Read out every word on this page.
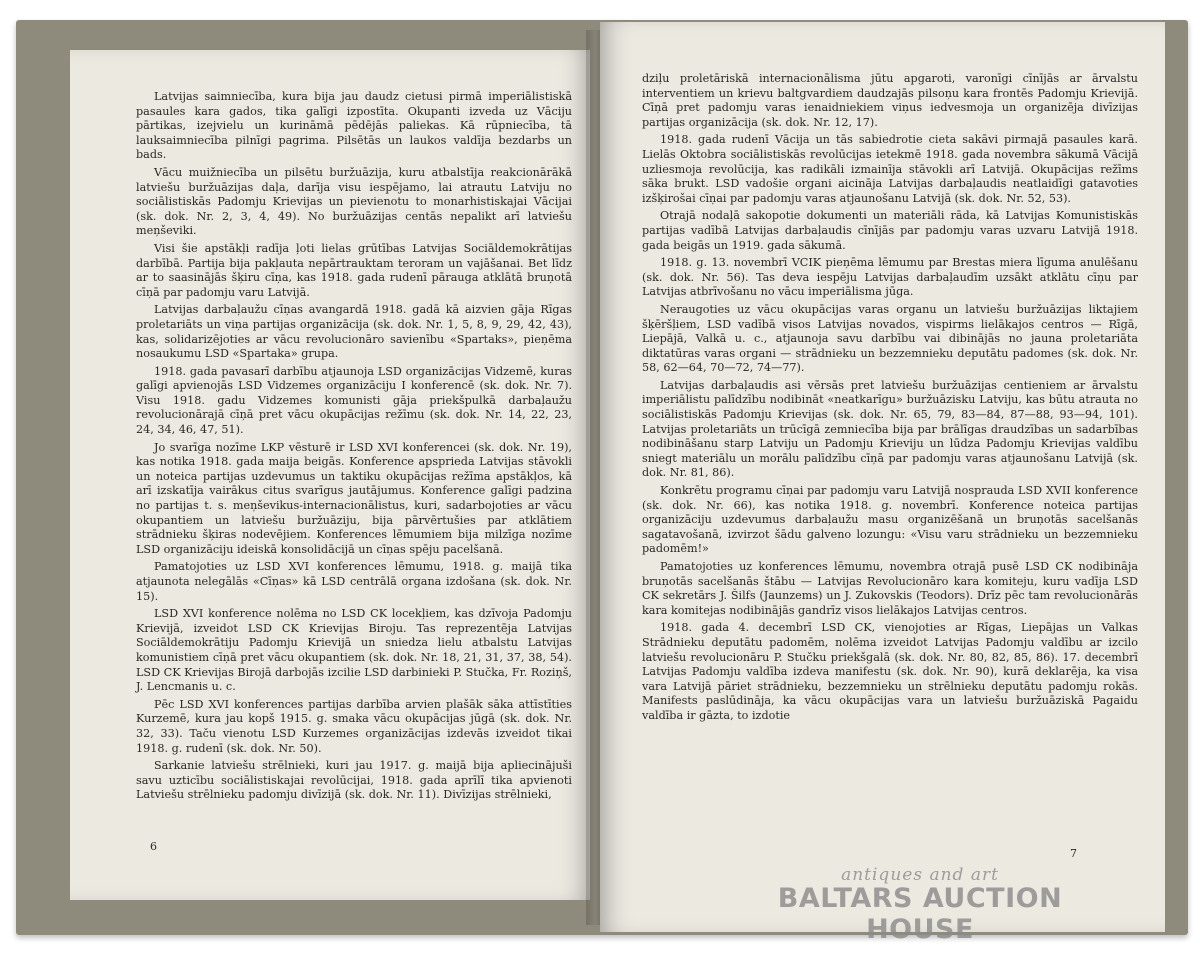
Latvijas saimniecība, kura bija jau daudz cietusi pirmā imperiālistiskā pasaules kara gados, tika galīgi izpostīta. Okupanti izveda uz Vāciju pārtikas, izejvielu un kurināmā pēdējās paliekas. Kā rūpniecība, tā lauksaimniecība pilnīgi pagrima. Pilsētās un laukos valdīja bezdarbs un bads.

Vācu muižniecība un pilsētu buržuāzija, kuru atbalstīja reakcionārākā latviešu buržuāzijas daļa, darīja visu iespējamo, lai atrautu Latviju no sociālistiskās Padomju Krievijas un pievienotu to monarhistiskajai Vācijai (sk. dok. Nr. 2, 3, 4, 49). No buržuāzijas centās nepalikt arī latviešu meņševiki.

Visi šie apstākļi radīja ļoti lielas grūtības Latvijas Sociāldemokrātijas darbībā. Partija bija pakļauta nepārtrauktam teroram un vajāšanai. Bet līdz ar to saasinājās šķiru cīņa, kas 1918. gada rudenī pārauga atklātā bruņotā cīņā par padomju varu Latvijā.

Latvijas darbaļaužu cīņas avangardā 1918. gadā kā aizvien gāja Rīgas proletariāts un viņa partijas organizācija (sk. dok. Nr. 1, 5, 8, 9, 29, 42, 43), kas, solidarizējoties ar vācu revolucionāro savienību «Spartaks», pieņēma nosaukumu LSD «Spartaka» grupa.

1918. gada pavasarī darbību atjaunoja LSD organizācijas Vidzemē, kuras galīgi apvienojās LSD Vidzemes organizāciju I konferencē (sk. dok. Nr. 7). Visu 1918. gadu Vidzemes komunisti gāja priekšpulkā darbaļaužu revolucionārajā cīņā pret vācu okupācijas režīmu (sk. dok. Nr. 14, 22, 23, 24, 34, 46, 47, 51).

Jo svarīga nozīme LKP vēsturē ir LSD XVI konferencei (sk. dok. Nr. 19), kas notika 1918. gada maija beigās. Konference apsprieda Latvijas stāvokli un noteica partijas uzdevumus un taktiku okupācijas režīma apstākļos, kā arī izskatīja vairākus citus svarīgus jautājumus. Konference galīgi padzina no partijas t. s. meņševikus-internacionālistus, kuri, sadarbojoties ar vācu okupantiem un latviešu buržuāziju, bija pārvērtušies par atklātiem strādnieku šķiras nodevējiem. Konferences lēmumiem bija milzīga nozīme LSD organizāciju ideiskā konsolidācijā un cīņas spēju pacelšanā.

Pamatojoties uz LSD XVI konferences lēmumu, 1918. g. maijā tika atjaunota nelegālās «Cīņas» kā LSD centrālā organa izdošana (sk. dok. Nr. 15).

LSD XVI konference nolēma no LSD CK locekļiem, kas dzīvoja Padomju Krievijā, izveidot LSD CK Krievijas Biroju. Tas reprezentēja Latvijas Sociāldemokrātiju Padomju Krievijā un sniedza lielu atbalstu Latvijas komunistiem cīņā pret vācu okupantiem (sk. dok. Nr. 18, 21, 31, 37, 38, 54). LSD CK Krievijas Birojā darbojās izcilie LSD darbinieki P. Stučka, Fr. Roziņš, J. Lencmanis u. c.

Pēc LSD XVI konferences partijas darbība arvien plašāk sāka attīstīties Kurzemē, kura jau kopš 1915. g. smaka vācu okupācijas jūgā (sk. dok. Nr. 32, 33). Taču vienotu LSD Kurzemes organizācijas izdevās izveidot tikai 1918. g. rudenī (sk. dok. Nr. 50).

Sarkanie latviešu strēlnieki, kuri jau 1917. g. maijā bija apliecinājuši savu uzticību sociālistiskajai revolūcijai, 1918. gada aprīlī tika apvienoti Latviešu strēlnieku padomju divīzijā (sk. dok. Nr. 11). Divīzijas strēlnieki,

6

dziļu proletāriskā internacionālisma jūtu apgaroti, varonīgi cīnījās ar ārvalstu interventiem un krievu baltgvardiem daudzajās pilsoņu kara frontēs Padomju Krievijā. Cīņā pret padomju varas ienaidniekiem viņus iedvesmoja un organizēja divīzijas partijas organizācija (sk. dok. Nr. 12, 17).

1918. gada rudenī Vācija un tās sabiedrotie cieta sakāvi pirmajā pasaules karā. Lielās Oktobra sociālistiskās revolūcijas ietekmē 1918. gada novembra sākumā Vācijā uzliesmoja revolūcija, kas radikāli izmainīja stāvokli arī Latvijā. Okupācijas režīms sāka brukt. LSD vadošie organi aicināja Latvijas darbaļaudis neatlaidīgi gatavoties izšķirošai cīņai par padomju varas atjaunošanu Latvijā (sk. dok. Nr. 52, 53).

Otrajā nodaļā sakopotie dokumenti un materiāli rāda, kā Latvijas Komunistiskās partijas vadībā Latvijas darbaļaudis cīnījās par padomju varas uzvaru Latvijā 1918. gada beigās un 1919. gada sākumā.

1918. g. 13. novembrī VCIK pieņēma lēmumu par Brestas miera līguma anulēšanu (sk. dok. Nr. 56). Tas deva iespēju Latvijas darbaļaudīm uzsākt atklātu cīņu par Latvijas atbrīvošanu no vācu imperiālisma jūga.

Neraugoties uz vācu okupācijas varas organu un latviešu buržuāzijas liktajiem šķēršļiem, LSD vadībā visos Latvijas novados, vispirms lielākajos centros — Rīgā, Liepājā, Valkā u. c., atjaunoja savu darbību vai dibinājās no jauna proletariāta diktatūras varas organi — strādnieku un bezzemnieku deputātu padomes (sk. dok. Nr. 58, 62—64, 70—72, 74—77).

Latvijas darbaļaudis asi vērsās pret latviešu buržuāzijas centieniem ar ārvalstu imperiālistu palīdzību nodibināt «neatkarīgu» buržuāzisku Latviju, kas būtu atrauta no sociālistiskās Padomju Krievijas (sk. dok. Nr. 65, 79, 83—84, 87—88, 93—94, 101). Latvijas proletariāts un trūcīgā zemniecība bija par brālīgas draudzības un sadarbības nodibināšanu starp Latviju un Padomju Krieviju un lūdza Padomju Krievijas valdību sniegt materiālu un morālu palīdzību cīņā par padomju varas atjaunošanu Latvijā (sk. dok. Nr. 81, 86).

Konkrētu programu cīņai par padomju varu Latvijā nosprauda LSD XVII konference (sk. dok. Nr. 66), kas notika 1918. g. novembrī. Konference noteica partijas organizāciju uzdevumus darbaļaužu masu organizēšanā un bruņotās sacelšanās sagatavošanā, izvirzot šādu galveno lozungu: «Visu varu strādnieku un bezzemnieku padomēm!»

Pamatojoties uz konferences lēmumu, novembra otrajā pusē LSD CK nodibināja bruņotās sacelšanās štābu — Latvijas Revolucionāro kara komiteju, kuru vadīja LSD CK sekretārs J. Šilfs (Jaunzems) un J. Zukovskis (Teodors). Drīz pēc tam revolucionārās kara komitejas nodibinājās gandrīz visos lielākajos Latvijas centros.

1918. gada 4. decembrī LSD CK, vienojoties ar Rīgas, Liepājas un Valkas Strādnieku deputātu padomēm, nolēma izveidot Latvijas Padomju valdību ar izcilo latviešu revolucionāru P. Stučku priekšgalā (sk. dok. Nr. 80, 82, 85, 86). 17. decembrī Latvijas Padomju valdība izdeva manifestu (sk. dok. Nr. 90), kurā deklarēja, ka visa vara Latvijā pāriet strādnieku, bezzemnieku un strēlnieku deputātu padomju rokās. Manifests paslūdināja, ka vācu okupācijas vara un latviešu buržuāziskā Pagaidu valdība ir gāzta, to izdotie

7
antiques and art
BALTARS AUCTION HOUSE
